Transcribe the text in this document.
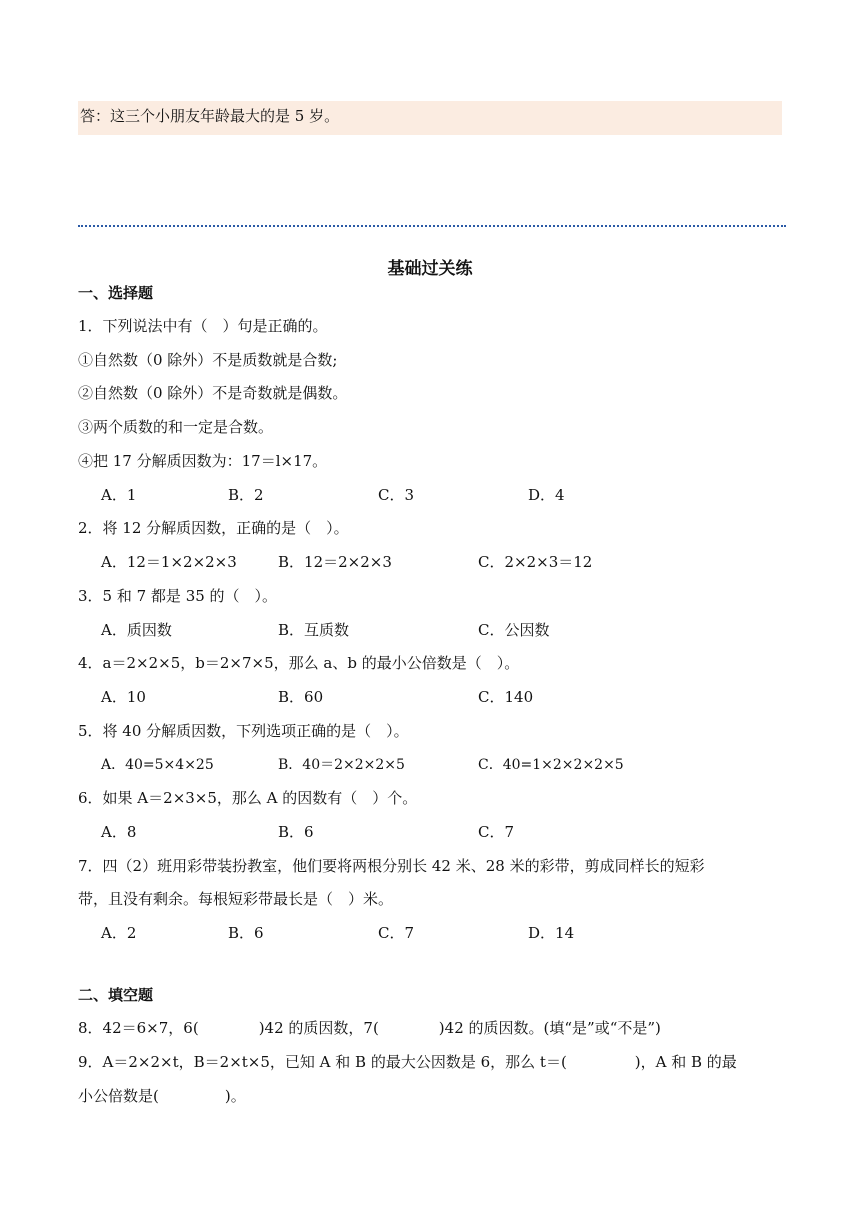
答：这三个小朋友年龄最大的是 5 岁。
基础过关练
一、选择题
1．下列说法中有（　）句是正确的。
①自然数（0 除外）不是质数就是合数;
②自然数（0 除外）不是奇数就是偶数。
③两个质数的和一定是合数。
④把 17 分解质因数为：17＝l×17。
A．1	B．2	C．3	D．4
2．将 12 分解质因数，正确的是（　）。
A．12＝1×2×2×3	B．12＝2×2×3	C．2×2×3＝12
3．5 和 7 都是 35 的（　）。
A．质因数	B．互质数	C．公因数
4．a＝2×2×5，b＝2×7×5，那么 a、b 的最小公倍数是（　）。
A．10	B．60	C．140
5．将 40 分解质因数，下列选项正确的是（　）。
A．40=5×4×25	B．40＝2×2×2×5	C．40=1×2×2×2×5
6．如果 A＝2×3×5，那么 A 的因数有（　）个。
A．8	B．6	C．7
7．四（2）班用彩带装扮教室，他们要将两根分别长 42 米、28 米的彩带，剪成同样长的短彩
带，且没有剩余。每根短彩带最长是（　）米。
A．2	B．6	C．7	D．14
二、填空题
8．42＝6×7，6(	)42 的质因数，7(	)42 的质因数。(填“是”或“不是”)
9．A＝2×2×t，B＝2×t×5，已知 A 和 B 的最大公因数是 6，那么 t＝(	)，A 和 B 的最
小公倍数是(	)。
